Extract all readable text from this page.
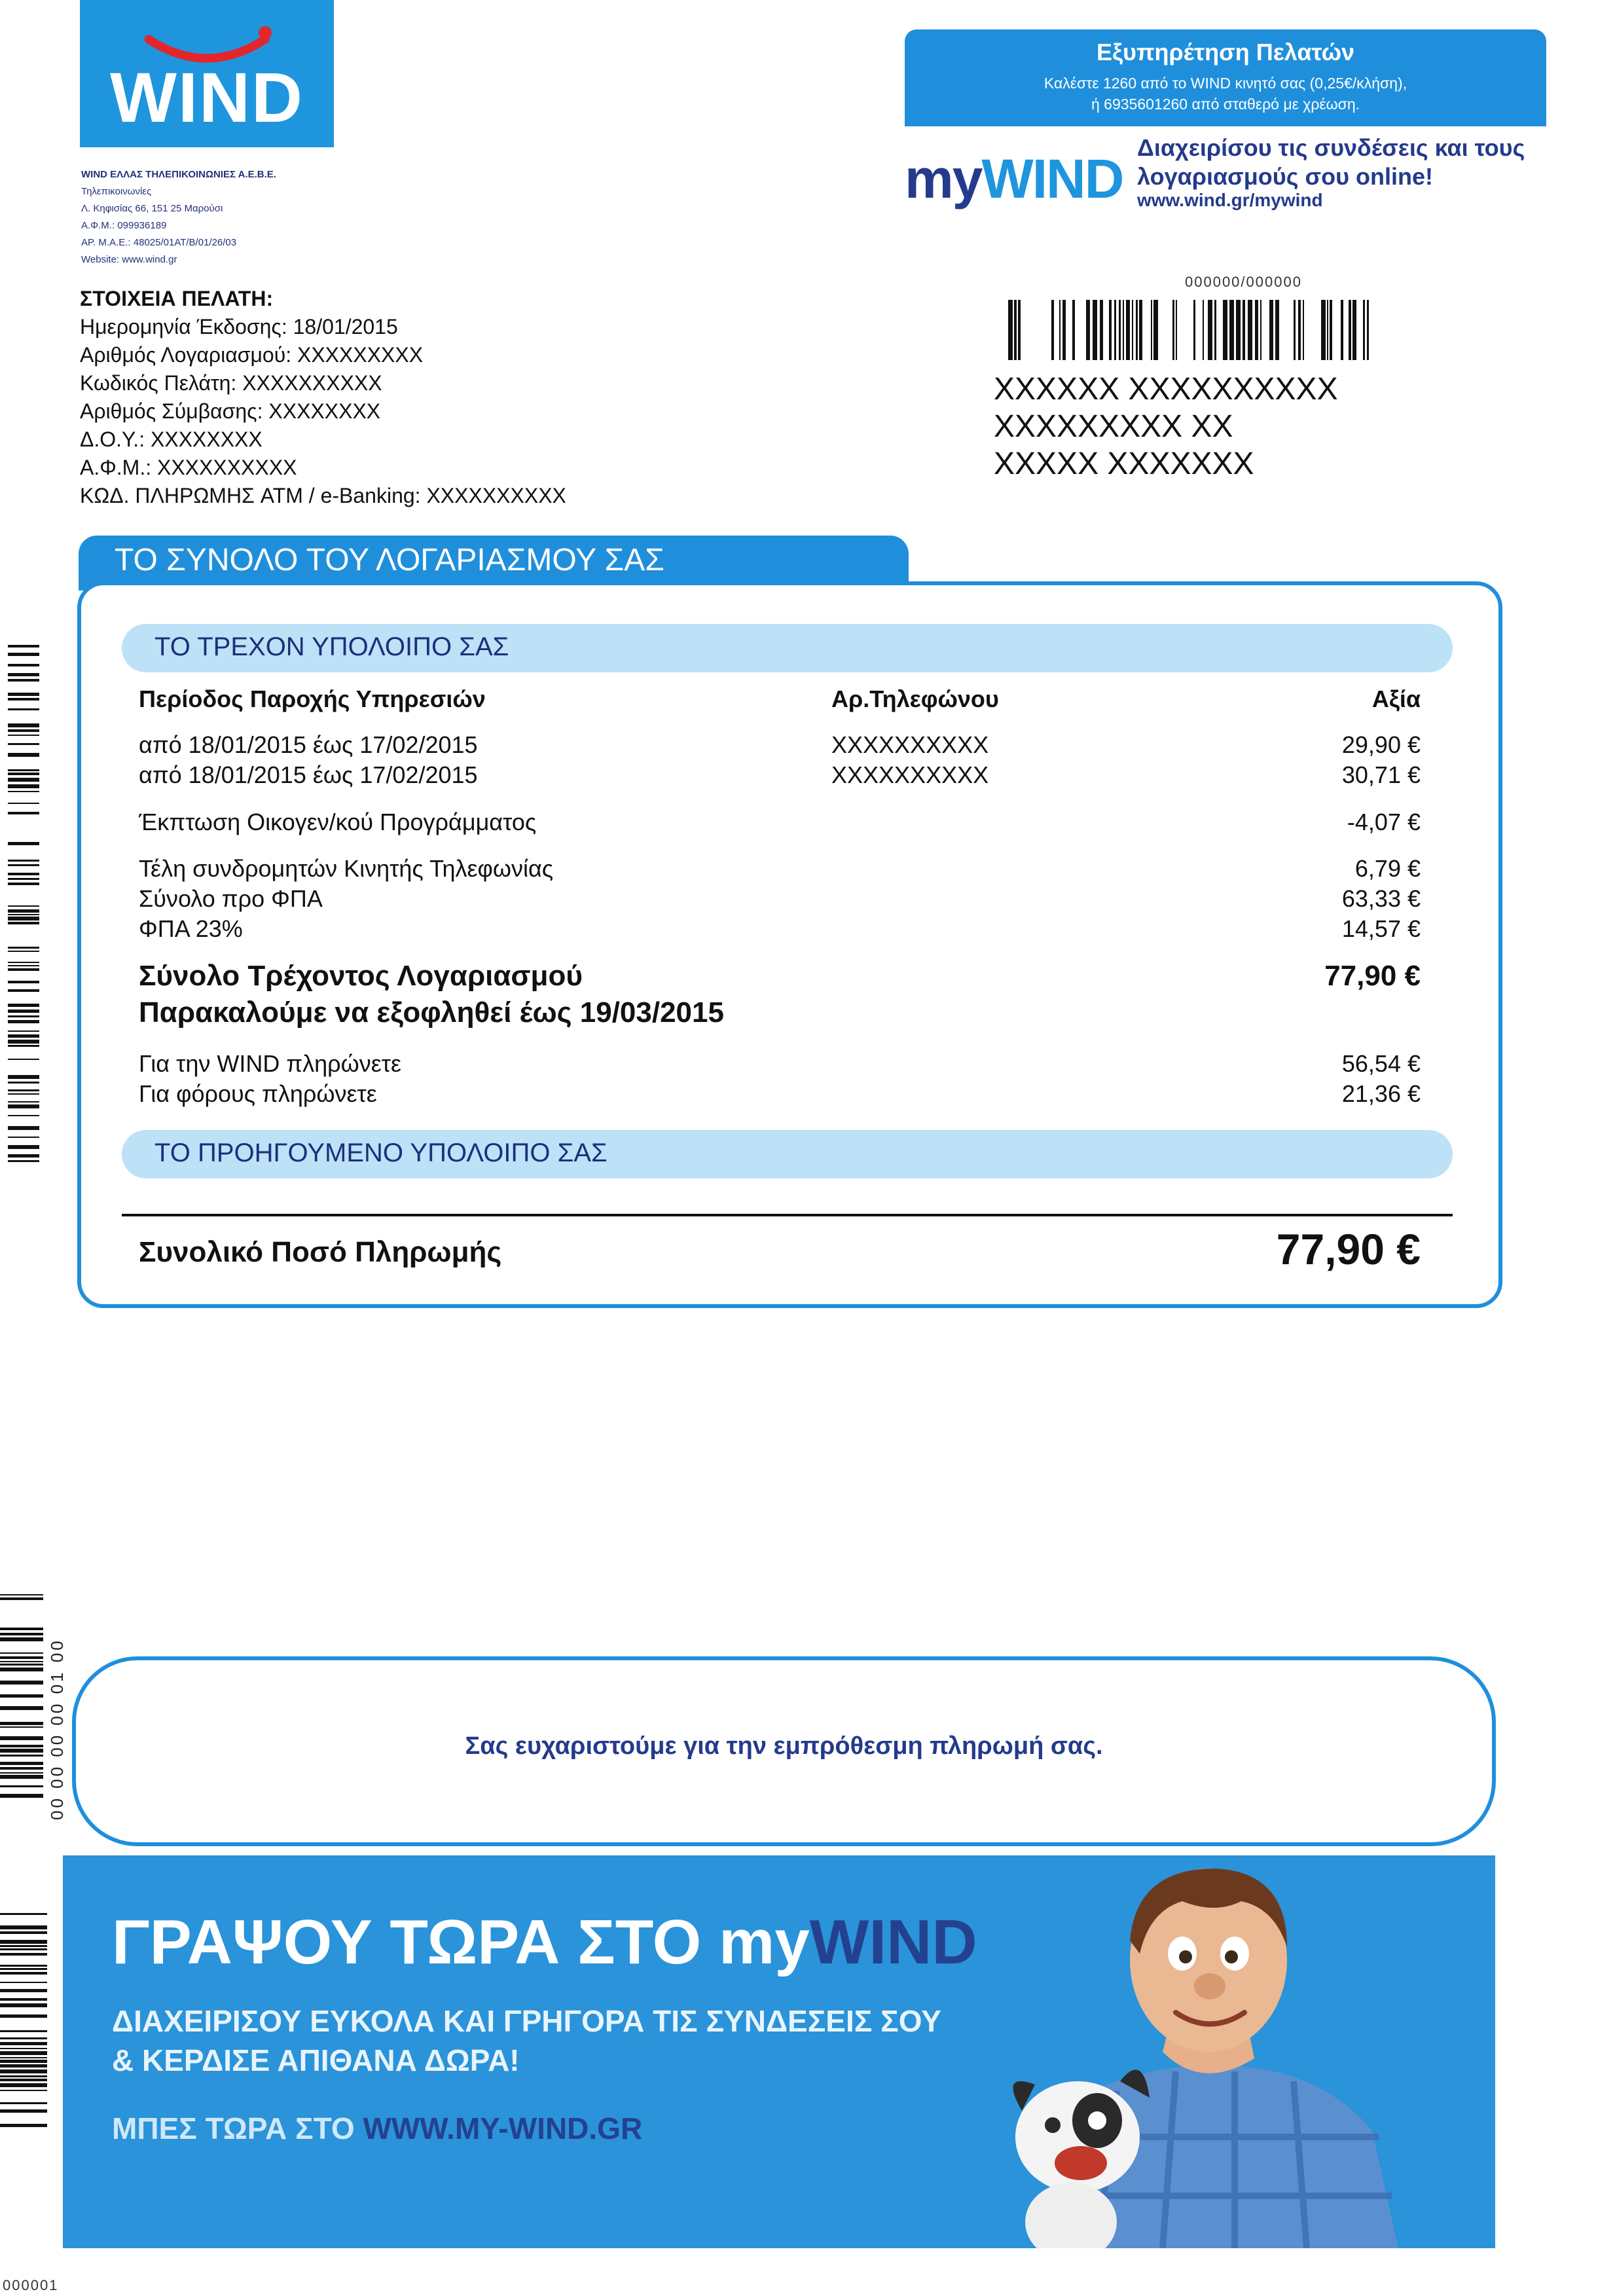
WIND
WIND ΕΛΛΑΣ ΤΗΛΕΠΙΚΟΙΝΩΝΙΕΣ Α.Ε.Β.Ε.
Τηλεπικοινωνίες
Λ. Κηφισίας 66, 151 25 Μαρούσι
Α.Φ.Μ.: 099936189
ΑΡ. Μ.Α.Ε.: 48025/01ΑΤ/Β/01/26/03
Website: www.wind.gr
Εξυπηρέτηση Πελατών
Καλέστε 1260 από το WIND κινητό σας (0,25€/κλήση),
ή 6935601260 από σταθερό με χρέωση.
myWIND
Διαχειρίσου τις συνδέσεις και τους
λογαριασμούς σου online!
www.wind.gr/mywind
ΣΤΟΙΧΕΙΑ ΠΕΛΑΤΗ:
Ημερομηνία Έκδοσης: 18/01/2015
Αριθμός Λογαριασμού: XXXXXXXXX
Κωδικός Πελάτη: XXXXXXXXXX
Αριθμός Σύμβασης: XXXXXXXX
Δ.Ο.Υ.: XXXXXXXX
Α.Φ.Μ.: XXXXXXXXXX
ΚΩΔ. ΠΛΗΡΩΜΗΣ ATM / e-Banking: XXXXXXXXXX
000000/000000
XXXXXX XXXXXXXXXX
XXXXXXXXX XX
XXXXX XXXXXXX
00 00 00 00 01 00
ΤΟ ΣΥΝΟΛΟ ΤΟΥ ΛΟΓΑΡΙΑΣΜΟΥ ΣΑΣ
ΤΟ ΤΡΕΧΟΝ ΥΠΟΛΟΙΠΟ ΣΑΣ
Περίοδος Παροχής Υπηρεσιών	Αρ.Τηλεφώνου	Αξία
από 18/01/2015 έως 17/02/2015	XXXXXXXXXX	29,90 €
από 18/01/2015 έως 17/02/2015	XXXXXXXXXX	30,71 €
Έκπτωση Οικογεν/κού Προγράμματος	-4,07 €
Τέλη συνδρομητών Κινητής Τηλεφωνίας	6,79 €
Σύνολο προ ΦΠΑ	63,33 €
ΦΠΑ 23%	14,57 €
Σύνολο Τρέχοντος Λογαριασμού	77,90 €
Παρακαλούμε να εξοφληθεί έως 19/03/2015
Για την WIND πληρώνετε	56,54 €
Για φόρους πληρώνετε	21,36 €
ΤΟ ΠΡΟΗΓΟΥΜΕΝΟ ΥΠΟΛΟΙΠΟ ΣΑΣ
Συνολικό Ποσό Πληρωμής	77,90 €
Σας ευχαριστούμε για την εμπρόθεσμη πληρωμή σας.
ΓΡΑΨΟΥ ΤΩΡΑ ΣΤΟ myWIND
ΔΙΑΧΕΙΡΙΣΟΥ ΕΥΚΟΛΑ ΚΑΙ ΓΡΗΓΟΡΑ ΤΙΣ ΣΥΝΔΕΣΕΙΣ ΣΟΥ
& ΚΕΡΔΙΣΕ ΑΠΙΘΑΝΑ ΔΩΡΑ!
ΜΠΕΣ ΤΩΡΑ ΣΤΟ WWW.MY-WIND.GR
000001
